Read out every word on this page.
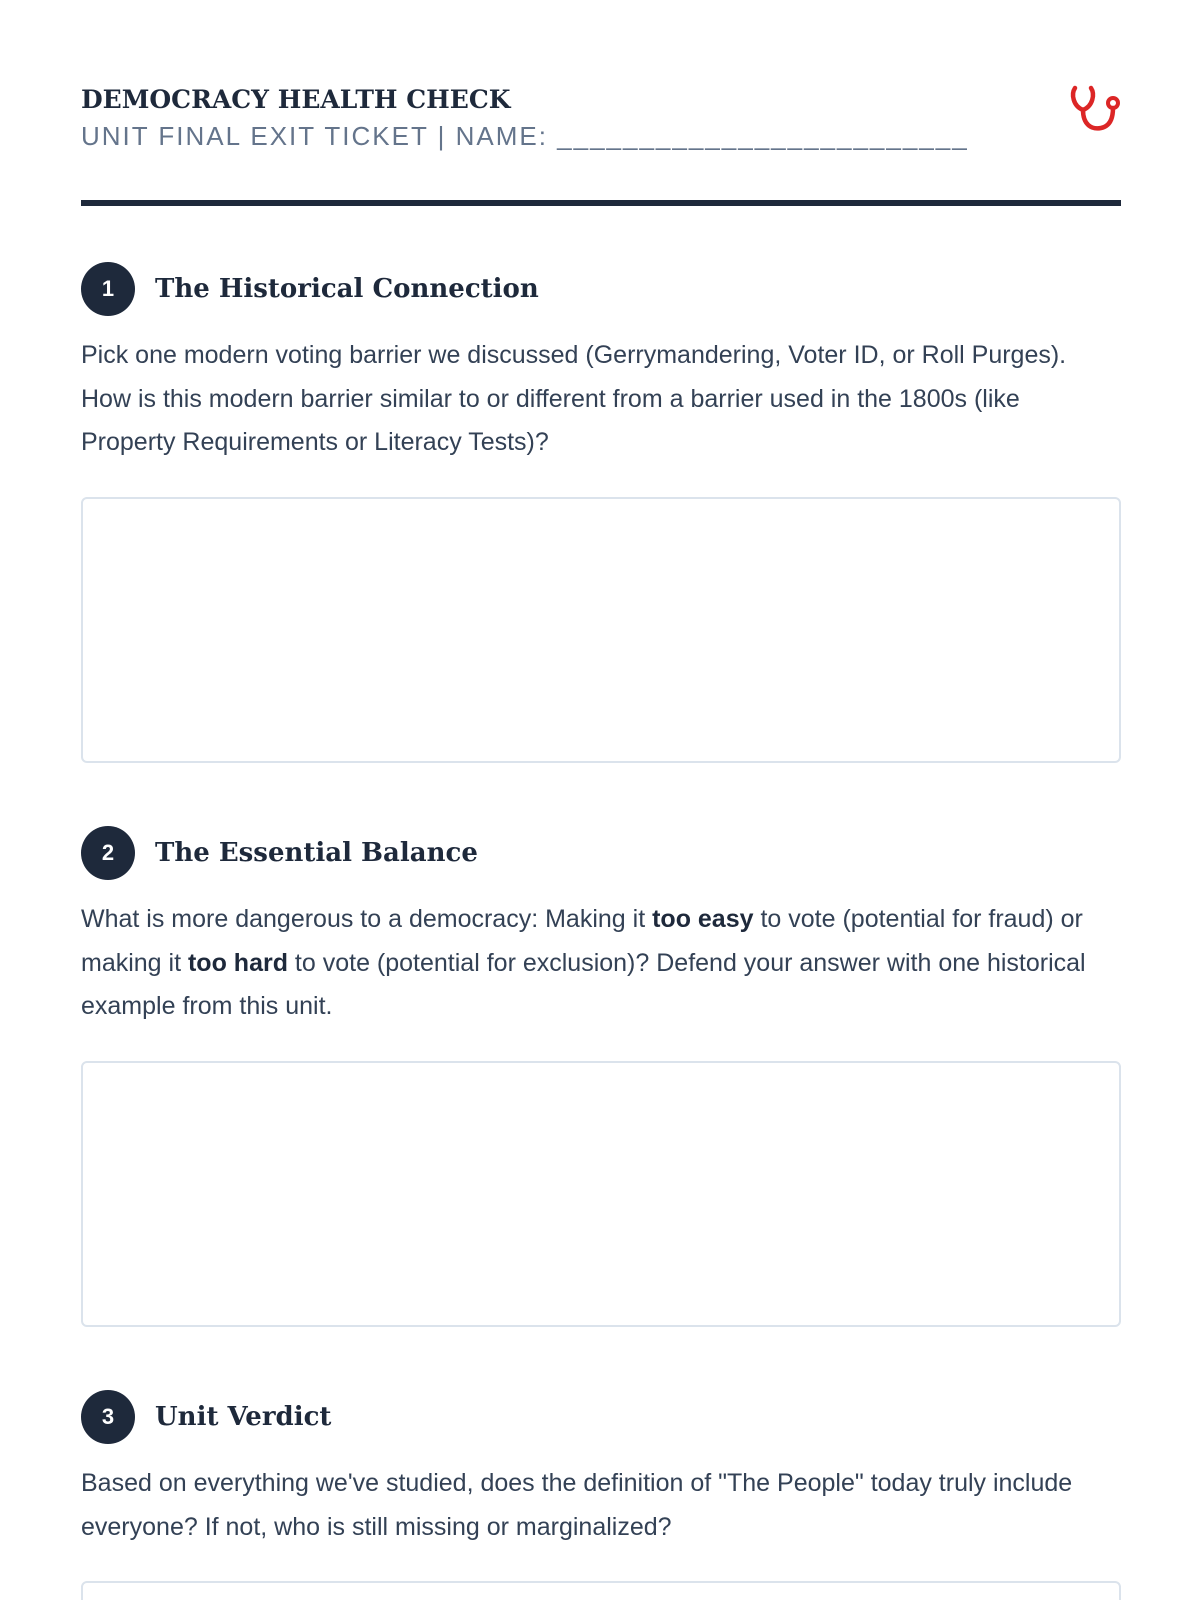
DEMOCRACY HEALTH CHECK
UNIT FINAL EXIT TICKET | NAME: _________________________
1	The Historical Connection
Pick one modern voting barrier we discussed (Gerrymandering, Voter ID, or Roll Purges). How is this modern barrier similar to or different from a barrier used in the 1800s (like Property Requirements or Literacy Tests)?
2	The Essential Balance
What is more dangerous to a democracy: Making it too easy to vote (potential for fraud) or making it too hard to vote (potential for exclusion)? Defend your answer with one historical example from this unit.
3	Unit Verdict
Based on everything we've studied, does the definition of "The People" today truly include everyone? If not, who is still missing or marginalized?
